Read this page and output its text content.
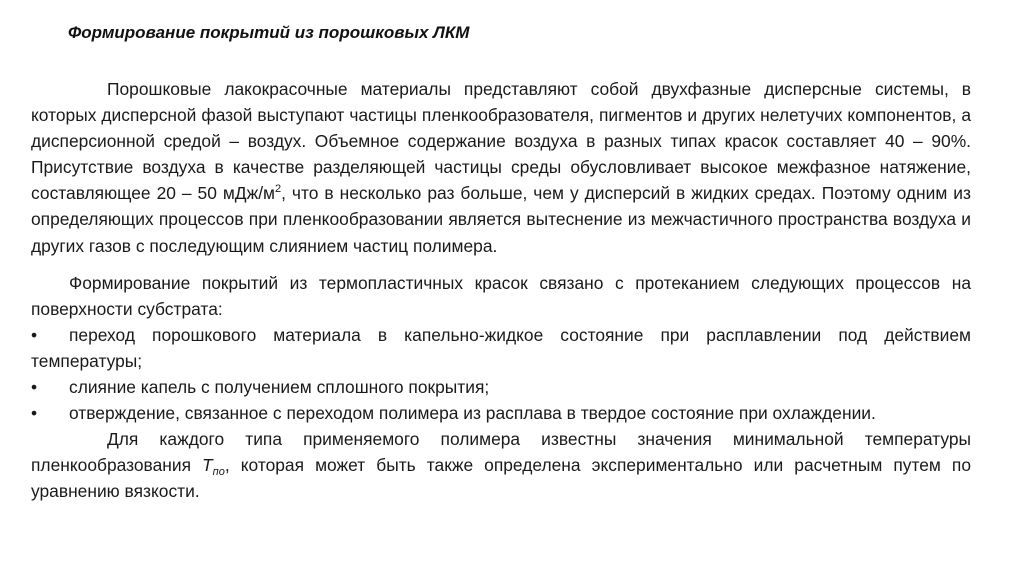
Формирование покрытий из порошковых ЛКМ

Порошковые лакокрасочные материалы представляют собой двухфазные дисперсные системы, в которых дисперсной фазой выступают частицы пленкообразователя, пигментов и других нелетучих компонентов, а дисперсионной средой – воздух. Объемное содержание воздуха в разных типах красок составляет 40 – 90%. Присутствие воздуха в качестве разделяющей частицы среды обусловливает высокое межфазное натяжение, составляющее 20 – 50 мДж/$м^2$, что в несколько раз больше, чем у дисперсий в жидких средах. Поэтому одним из определяющих процессов при пленкообразовании является вытеснение из межчастичного пространства воздуха и других газов с последующим слиянием частиц полимера.

Формирование покрытий из термопластичных красок связано с протеканием следующих процессов на поверхности субстрата:

• переход порошкового материала в капельно-жидкое состояние при расплавлении под действием температуры;
• слияние капель с получением сплошного покрытия;
• отверждение, связанное с переходом полимера из расплава в твердое состояние при охлаждении.

Для каждого типа применяемого полимера известны значения минимальной температуры пленкообразования $T_{по}$, которая может быть также определена экспериментально или расчетным путем по уравнению вязкости.
